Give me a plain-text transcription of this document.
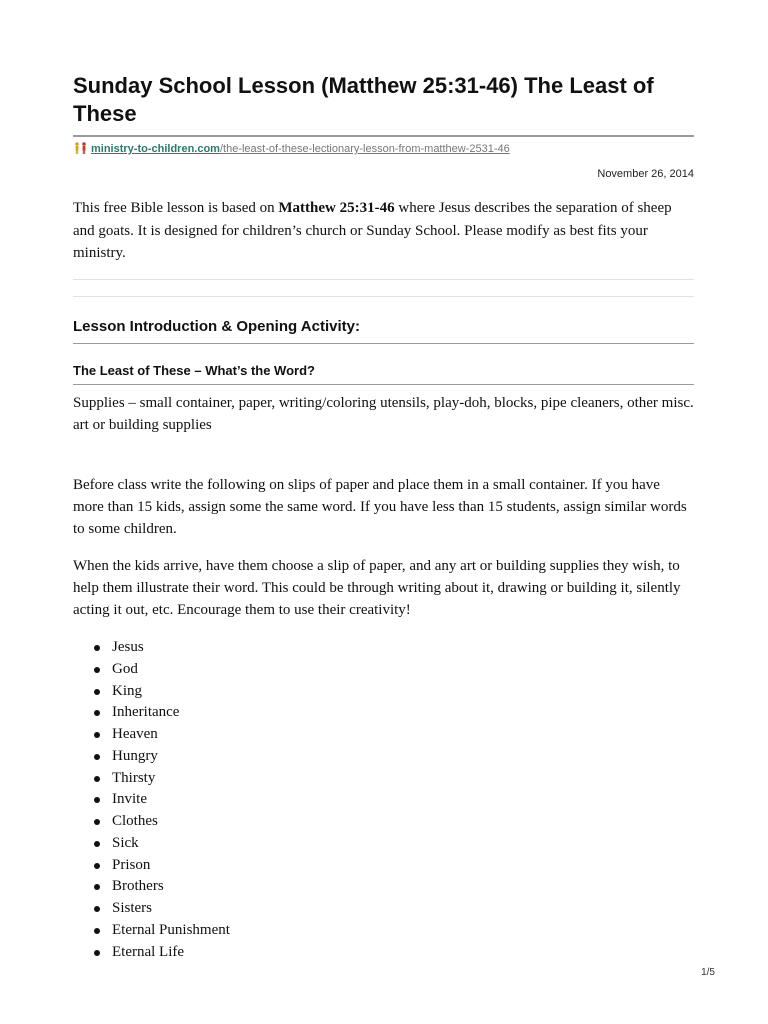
Sunday School Lesson (Matthew 25:31-46) The Least of These
ministry-to-children.com/the-least-of-these-lectionary-lesson-from-matthew-2531-46
November 26, 2014

This free Bible lesson is based on Matthew 25:31-46 where Jesus describes the separation of sheep and goats. It is designed for children’s church or Sunday School. Please modify as best fits your ministry.

Lesson Introduction & Opening Activity:
The Least of These – What’s the Word?

Supplies – small container, paper, writing/coloring utensils, play-doh, blocks, pipe cleaners, other misc. art or building supplies

Before class write the following on slips of paper and place them in a small container. If you have more than 15 kids, assign some the same word. If you have less than 15 students, assign similar words to some children.

When the kids arrive, have them choose a slip of paper, and any art or building supplies they wish, to help them illustrate their word. This could be through writing about it, drawing or building it, silently acting it out, etc. Encourage them to use their creativity!

Jesus
God
King
Inheritance
Heaven
Hungry
Thirsty
Invite
Clothes
Sick
Prison
Brothers
Sisters
Eternal Punishment
Eternal Life
1/5
